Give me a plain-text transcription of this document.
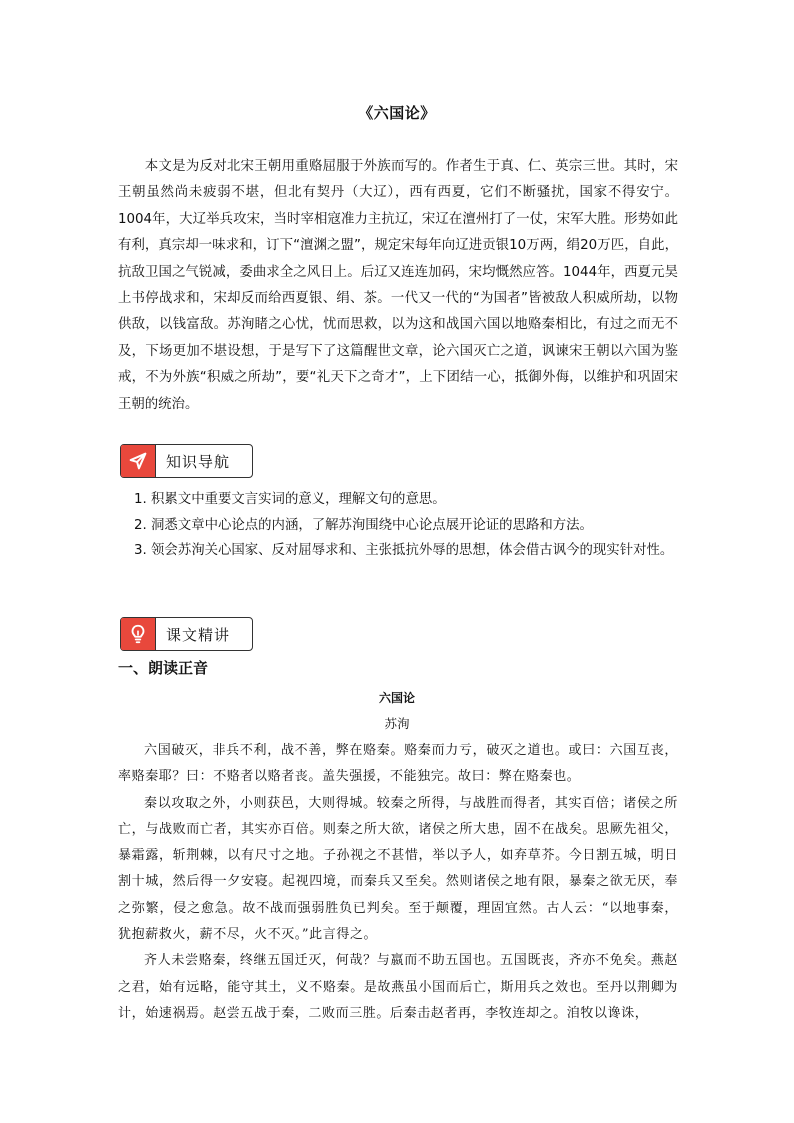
《六国论》

本文是为反对北宋王朝用重赂屈服于外族而写的。作者生于真、仁、英宗三世。其时，宋王朝虽然尚未疲弱不堪，但北有契丹（大辽），西有西夏，它们不断骚扰，国家不得安宁。1004年，大辽举兵攻宋，当时宰相寇准力主抗辽，宋辽在澶州打了一仗，宋军大胜。形势如此有利，真宗却一味求和，订下“澶渊之盟”，规定宋每年向辽进贡银10万两，绢20万匹，自此，抗敌卫国之气锐减，委曲求全之风日上。后辽又连连加码，宋均慨然应答。1044年，西夏元昊上书停战求和，宋却反而给西夏银、绢、茶。一代又一代的“为国者”皆被敌人积威所劫，以物供敌，以钱富敌。苏洵睹之心忧，忧而思救，以为这和战国六国以地赂秦相比，有过之而无不及，下场更加不堪设想，于是写下了这篇醒世文章，论六国灭亡之道，讽谏宋王朝以六国为鉴戒，不为外族“积威之所劫”，要“礼天下之奇才”，上下团结一心，抵御外侮，以维护和巩固宋王朝的统治。

知识导航
1. 积累文中重要文言实词的意义，理解文句的意思。
2. 洞悉文章中心论点的内涵，了解苏洵围绕中心论点展开论证的思路和方法。
3. 领会苏洵关心国家、反对屈辱求和、主张抵抗外辱的思想，体会借古讽今的现实针对性。
课文精讲
一、朗读正音
六国论
苏洵

六国破灭，非兵不利，战不善，弊在赂秦。赂秦而力亏，破灭之道也。或曰：六国互丧，率赂秦耶？曰：不赂者以赂者丧。盖失强援，不能独完。故曰：弊在赂秦也。

秦以攻取之外，小则获邑，大则得城。较秦之所得，与战胜而得者，其实百倍；诸侯之所亡，与战败而亡者，其实亦百倍。则秦之所大欲，诸侯之所大患，固不在战矣。思厥先祖父，暴霜露，斩荆棘，以有尺寸之地。子孙视之不甚惜，举以予人，如弃草芥。今日割五城，明日割十城，然后得一夕安寝。起视四境，而秦兵又至矣。然则诸侯之地有限，暴秦之欲无厌，奉之弥繁，侵之愈急。故不战而强弱胜负已判矣。至于颠覆，理固宜然。古人云：“以地事秦，犹抱薪救火，薪不尽，火不灭。”此言得之。

齐人未尝赂秦，终继五国迁灭，何哉？与嬴而不助五国也。五国既丧，齐亦不免矣。燕赵之君，始有远略，能守其土，义不赂秦。是故燕虽小国而后亡，斯用兵之效也。至丹以荆卿为计，始速祸焉。赵尝五战于秦，二败而三胜。后秦击赵者再，李牧连却之。洎牧以谗诛，
